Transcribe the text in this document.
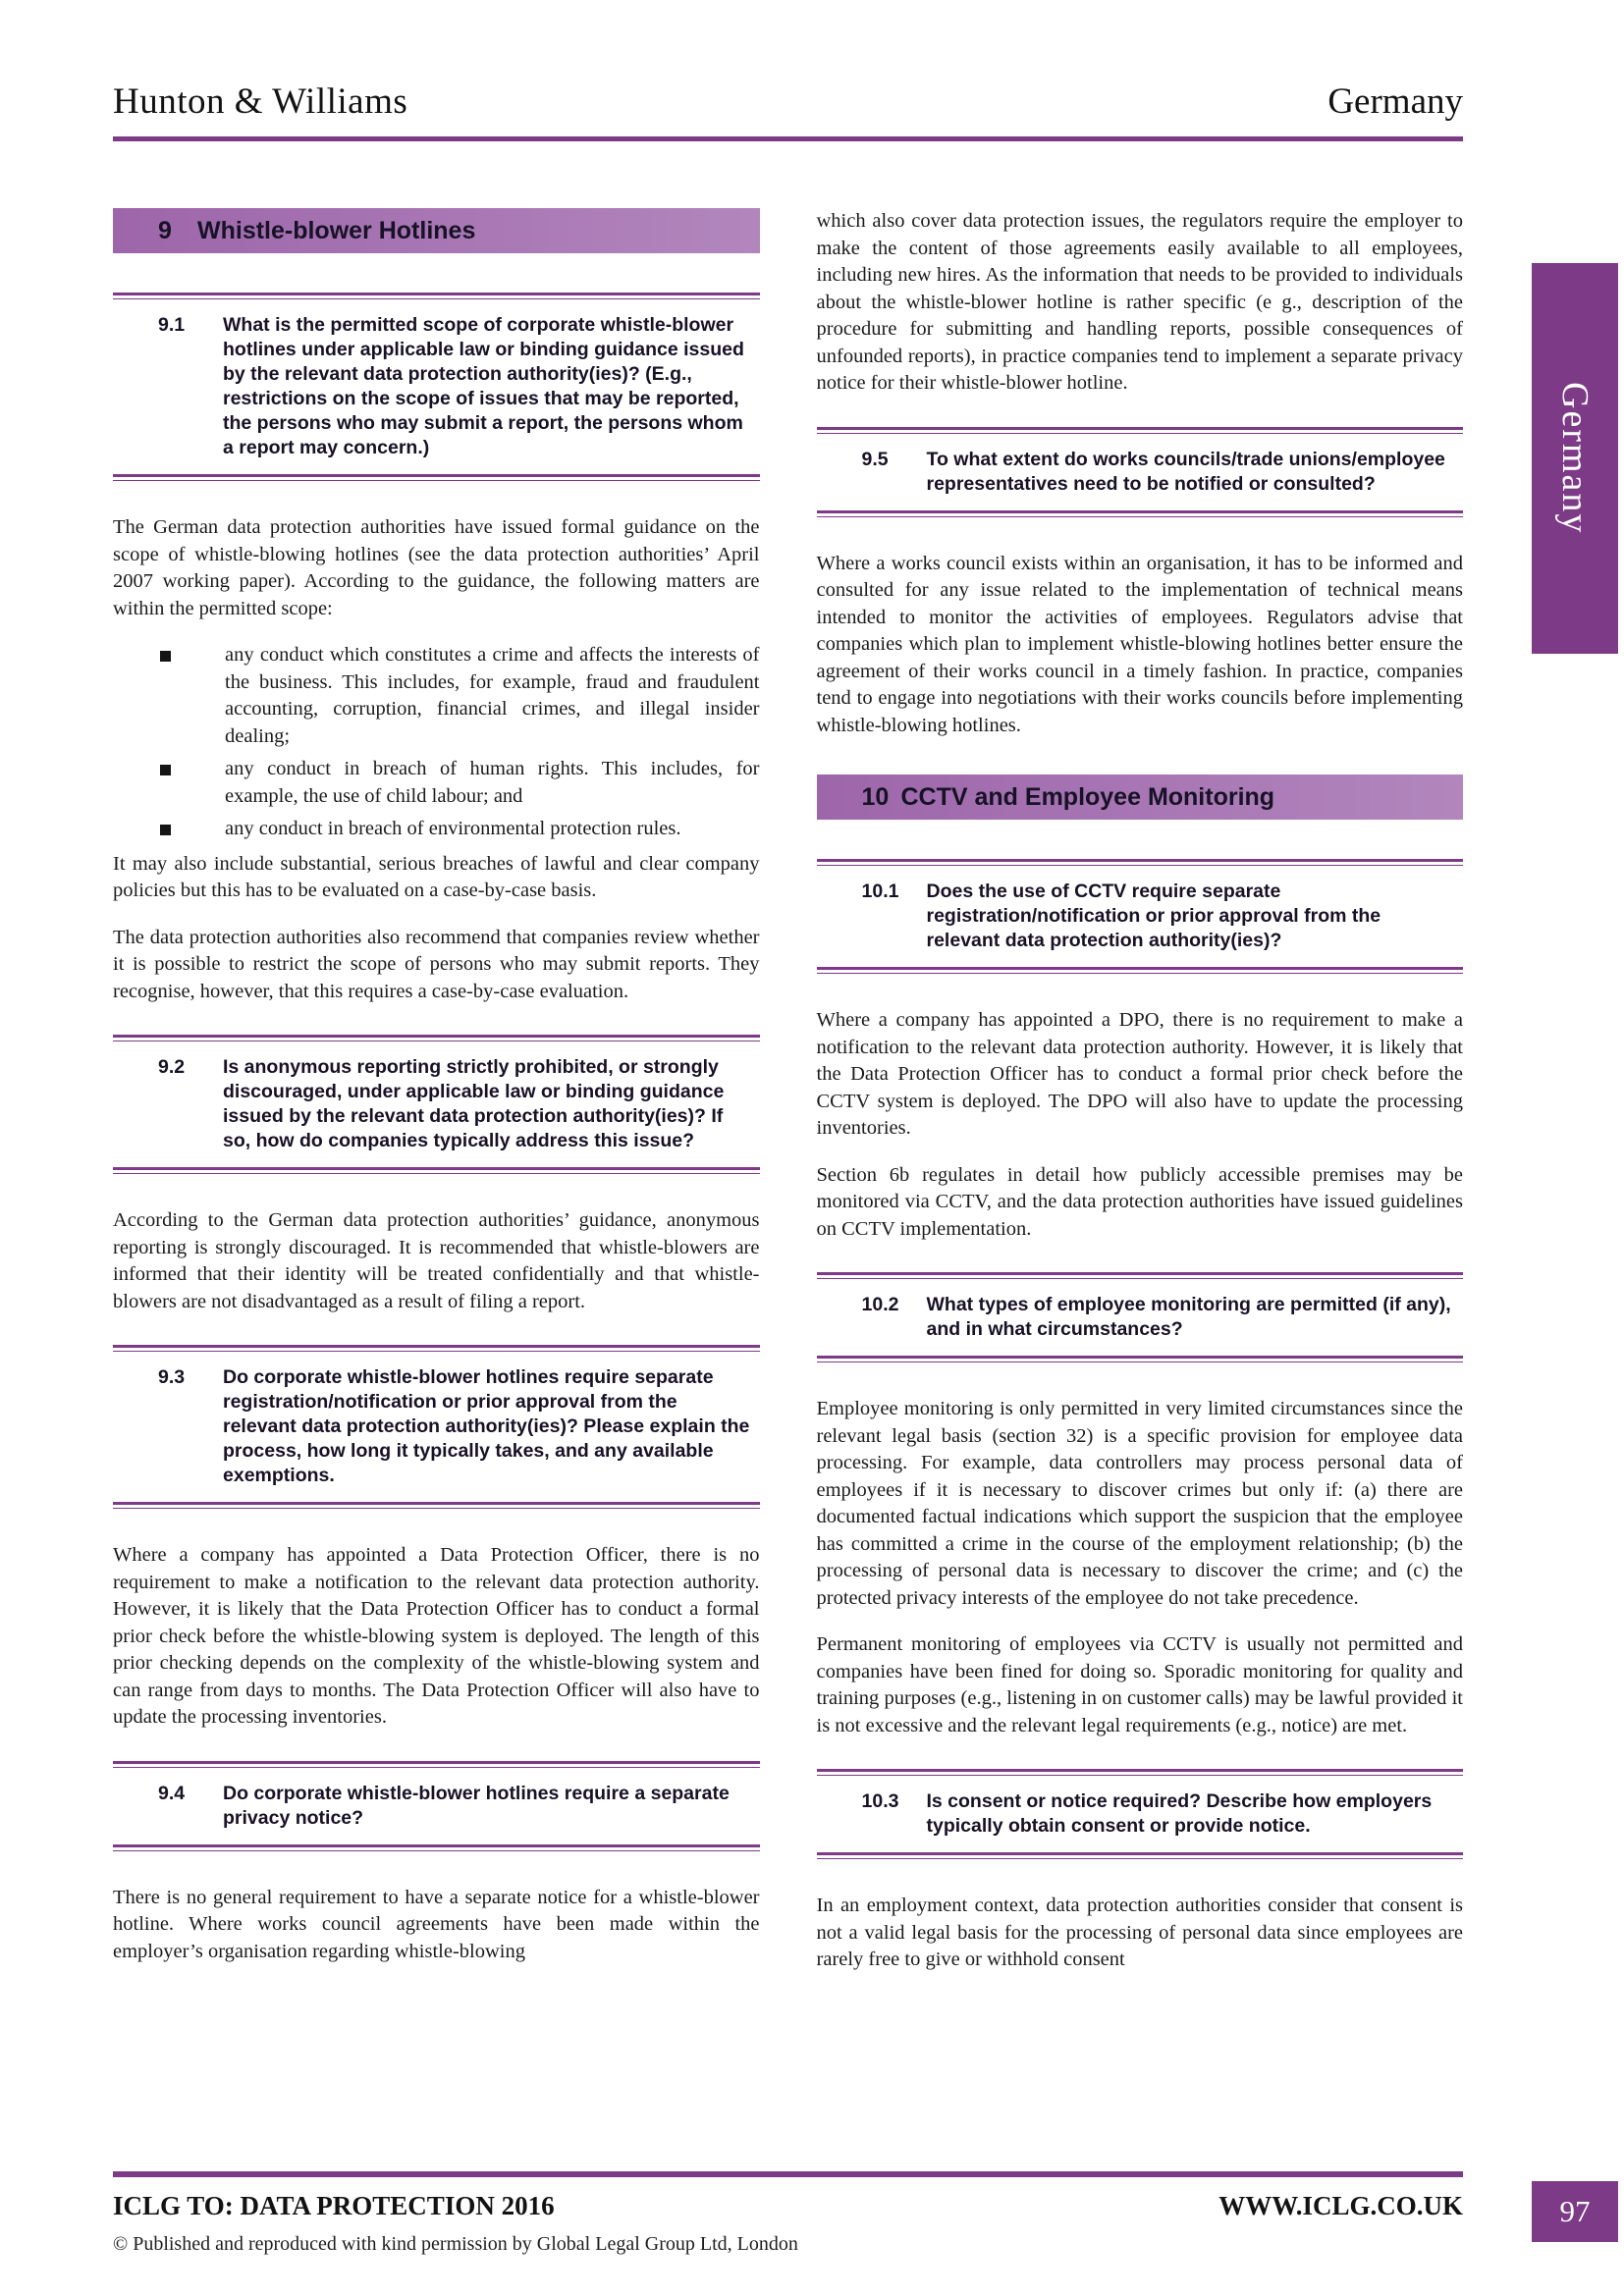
Hunton & Williams	Germany
Germany
9	Whistle-blower Hotlines
9.1	What is the permitted scope of corporate whistle-blower hotlines under applicable law or binding guidance issued by the relevant data protection authority(ies)? (E.g., restrictions on the scope of issues that may be reported, the persons who may submit a report, the persons whom a report may concern.)

The German data protection authorities have issued formal guidance on the scope of whistle-blowing hotlines (see the data protection authorities’ April 2007 working paper). According to the guidance, the following matters are within the permitted scope:

any conduct which constitutes a crime and affects the interests of the business. This includes, for example, fraud and fraudulent accounting, corruption, financial crimes, and illegal insider dealing;
any conduct in breach of human rights. This includes, for example, the use of child labour; and
any conduct in breach of environmental protection rules.

It may also include substantial, serious breaches of lawful and clear company policies but this has to be evaluated on a case-by-case basis.

The data protection authorities also recommend that companies review whether it is possible to restrict the scope of persons who may submit reports. They recognise, however, that this requires a case-by-case evaluation.

9.2	Is anonymous reporting strictly prohibited, or strongly discouraged, under applicable law or binding guidance issued by the relevant data protection authority(ies)? If so, how do companies typically address this issue?

According to the German data protection authorities’ guidance, anonymous reporting is strongly discouraged. It is recommended that whistle-blowers are informed that their identity will be treated confidentially and that whistle-blowers are not disadvantaged as a result of filing a report.

9.3	Do corporate whistle-blower hotlines require separate registration/notification or prior approval from the relevant data protection authority(ies)? Please explain the process, how long it typically takes, and any available exemptions.

Where a company has appointed a Data Protection Officer, there is no requirement to make a notification to the relevant data protection authority. However, it is likely that the Data Protection Officer has to conduct a formal prior check before the whistle-blowing system is deployed. The length of this prior checking depends on the complexity of the whistle-blowing system and can range from days to months. The Data Protection Officer will also have to update the processing inventories.

9.4	Do corporate whistle-blower hotlines require a separate privacy notice?

There is no general requirement to have a separate notice for a whistle-blower hotline. Where works council agreements have been made within the employer’s organisation regarding whistle-blowing

which also cover data protection issues, the regulators require the employer to make the content of those agreements easily available to all employees, including new hires. As the information that needs to be provided to individuals about the whistle-blower hotline is rather specific (e g., description of the procedure for submitting and handling reports, possible consequences of unfounded reports), in practice companies tend to implement a separate privacy notice for their whistle-blower hotline.

9.5	To what extent do works councils/trade unions/employee representatives need to be notified or consulted?

Where a works council exists within an organisation, it has to be informed and consulted for any issue related to the implementation of technical means intended to monitor the activities of employees. Regulators advise that companies which plan to implement whistle-blowing hotlines better ensure the agreement of their works council in a timely fashion. In practice, companies tend to engage into negotiations with their works councils before implementing whistle-blowing hotlines.

10 CCTV and Employee Monitoring
10.1	Does the use of CCTV require separate registration/notification or prior approval from the relevant data protection authority(ies)?

Where a company has appointed a DPO, there is no requirement to make a notification to the relevant data protection authority. However, it is likely that the Data Protection Officer has to conduct a formal prior check before the CCTV system is deployed. The DPO will also have to update the processing inventories.

Section 6b regulates in detail how publicly accessible premises may be monitored via CCTV, and the data protection authorities have issued guidelines on CCTV implementation.

10.2	What types of employee monitoring are permitted (if any), and in what circumstances?

Employee monitoring is only permitted in very limited circumstances since the relevant legal basis (section 32) is a specific provision for employee data processing. For example, data controllers may process personal data of employees if it is necessary to discover crimes but only if: (a) there are documented factual indications which support the suspicion that the employee has committed a crime in the course of the employment relationship; (b) the processing of personal data is necessary to discover the crime; and (c) the protected privacy interests of the employee do not take precedence.

Permanent monitoring of employees via CCTV is usually not permitted and companies have been fined for doing so. Sporadic monitoring for quality and training purposes (e.g., listening in on customer calls) may be lawful provided it is not excessive and the relevant legal requirements (e.g., notice) are met.

10.3	Is consent or notice required? Describe how employers typically obtain consent or provide notice.

In an employment context, data protection authorities consider that consent is not a valid legal basis for the processing of personal data since employees are rarely free to give or withhold consent

ICLG TO: DATA PROTECTION 2016	WWW.ICLG.CO.UK
© Published and reproduced with kind permission by Global Legal Group Ltd, London
97
